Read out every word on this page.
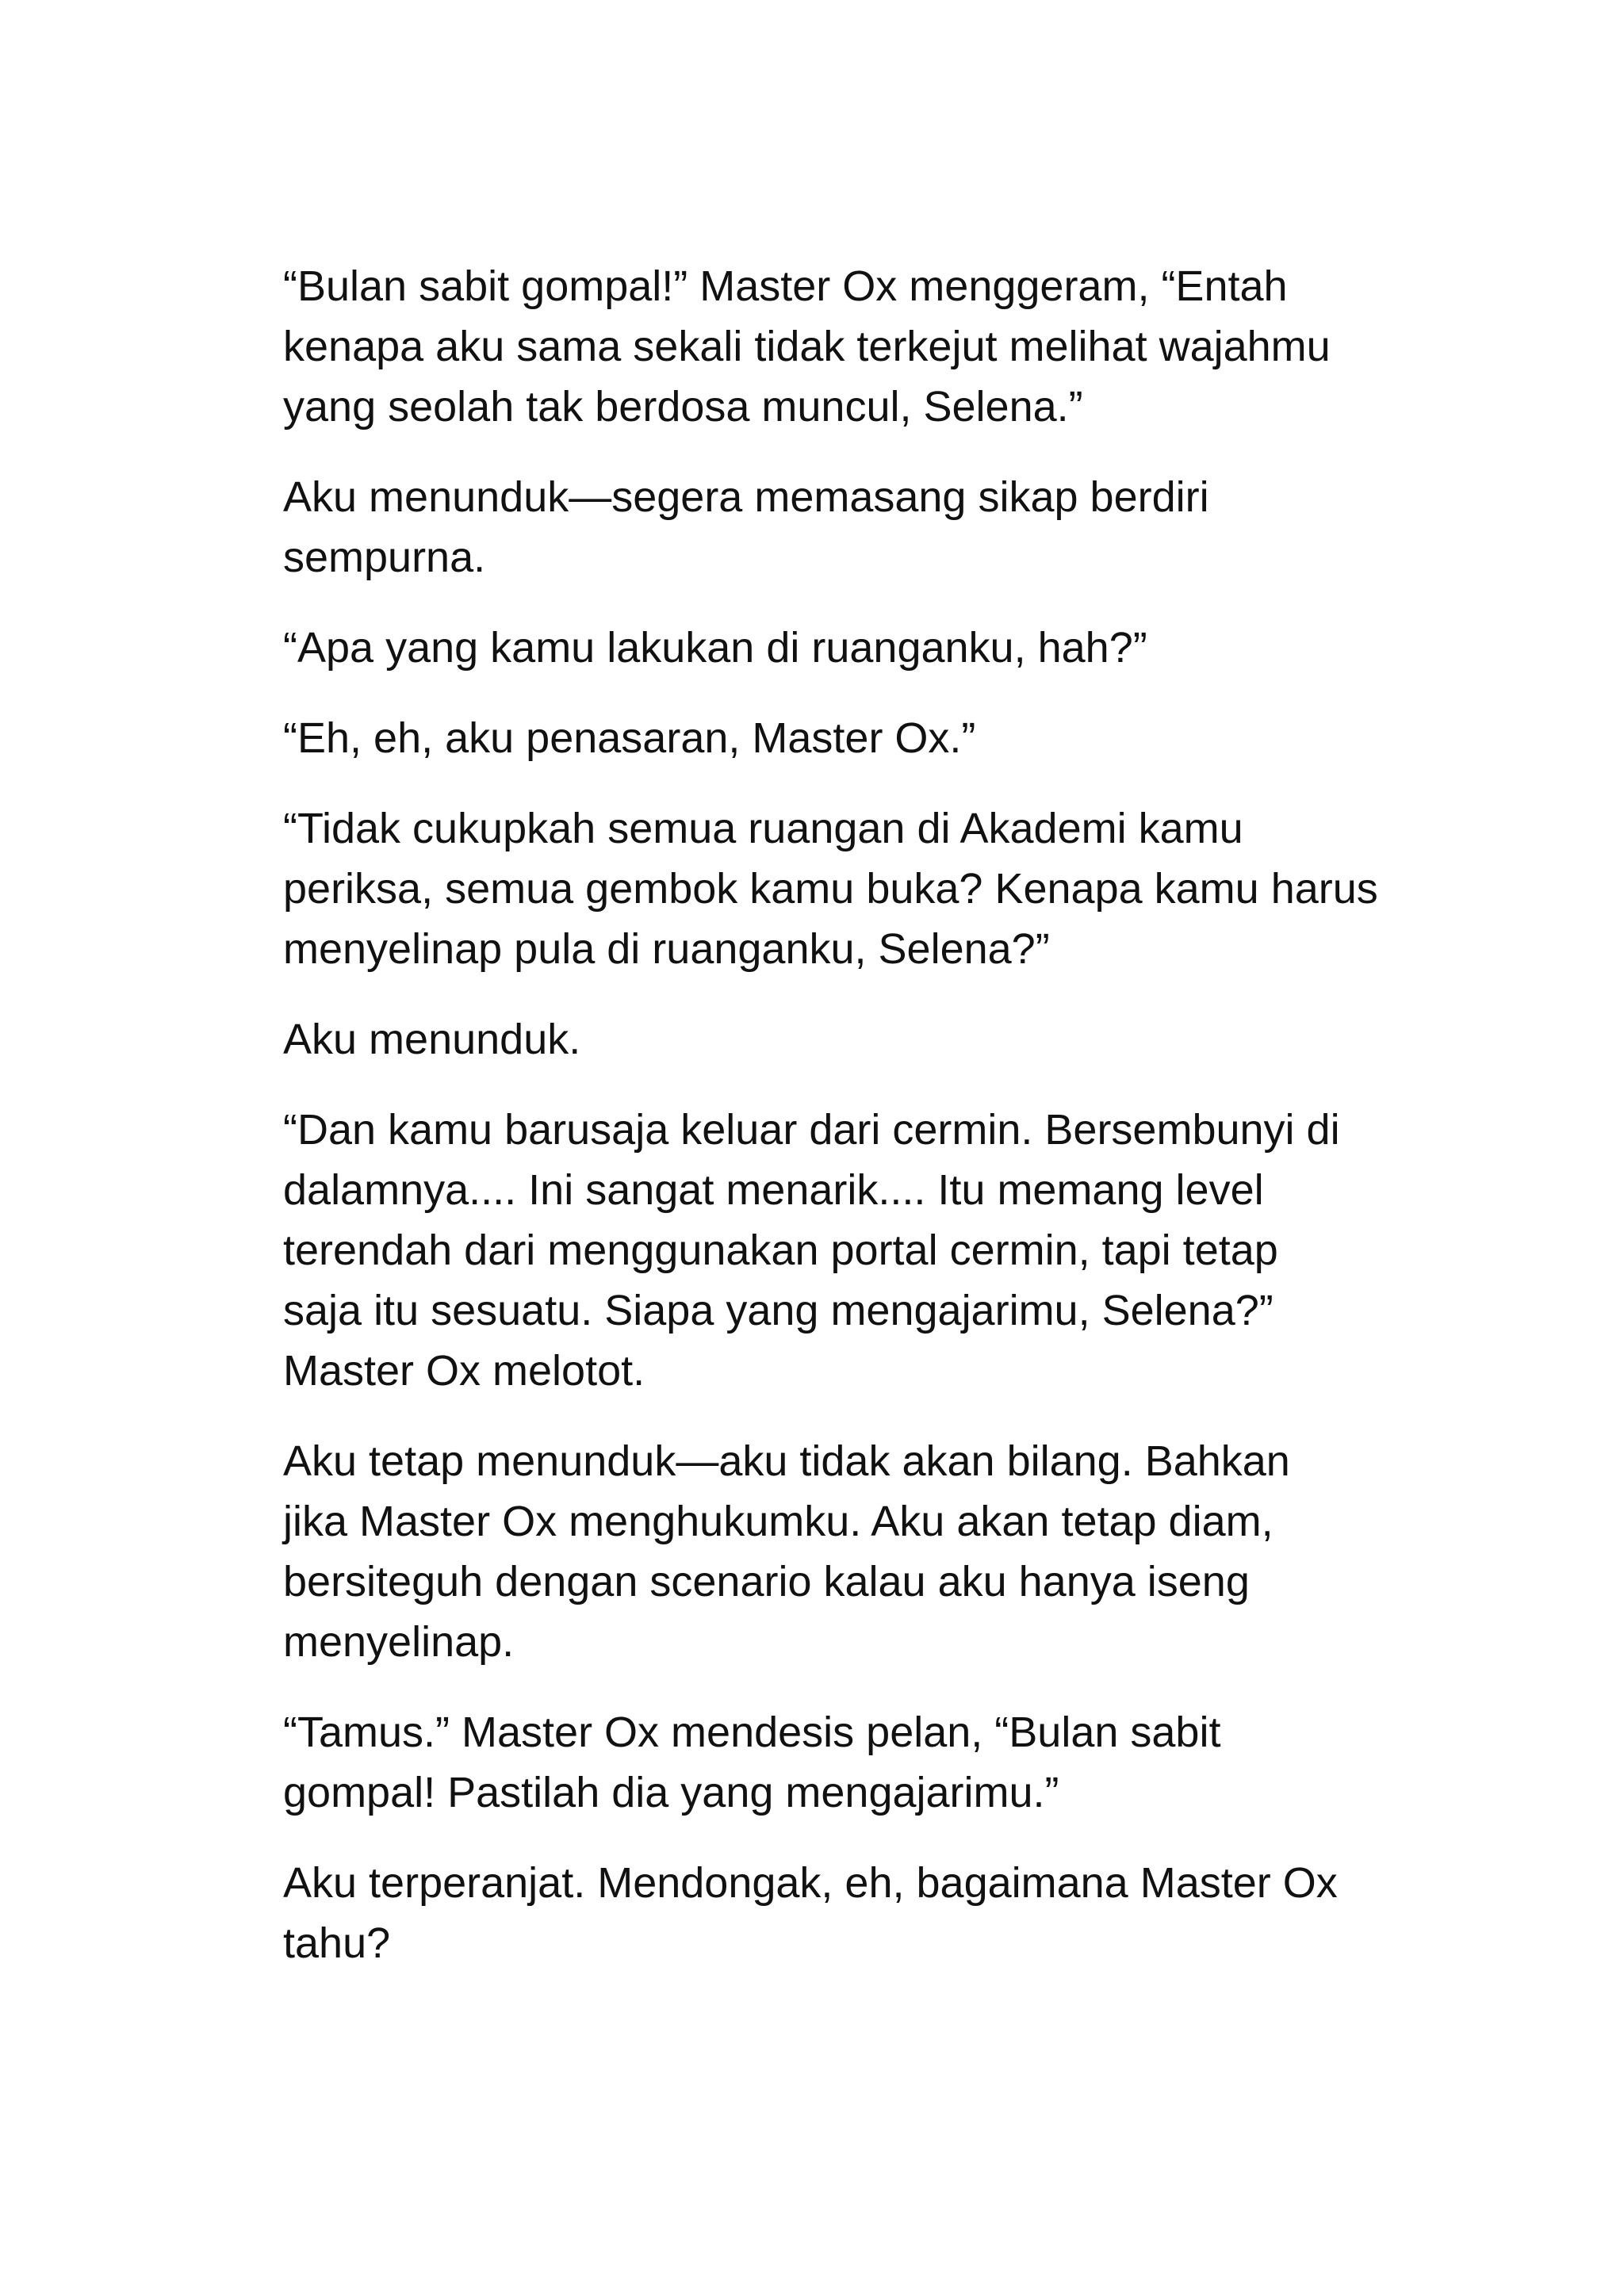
“Bulan sabit gompal!” Master Ox menggeram, “Entah
kenapa aku sama sekali tidak terkejut melihat wajahmu
yang seolah tak berdosa muncul, Selena.”

Aku menunduk—segera memasang sikap berdiri
sempurna.

“Apa yang kamu lakukan di ruanganku, hah?”

“Eh, eh, aku penasaran, Master Ox.”

“Tidak cukupkah semua ruangan di Akademi kamu
periksa, semua gembok kamu buka? Kenapa kamu harus
menyelinap pula di ruanganku, Selena?”

Aku menunduk.

“Dan kamu barusaja keluar dari cermin. Bersembunyi di
dalamnya.... Ini sangat menarik.... Itu memang level
terendah dari menggunakan portal cermin, tapi tetap
saja itu sesuatu. Siapa yang mengajarimu, Selena?”
Master Ox melotot.

Aku tetap menunduk—aku tidak akan bilang. Bahkan
jika Master Ox menghukumku. Aku akan tetap diam,
bersiteguh dengan scenario kalau aku hanya iseng
menyelinap.

“Tamus.” Master Ox mendesis pelan, “Bulan sabit
gompal! Pastilah dia yang mengajarimu.”

Aku terperanjat. Mendongak, eh, bagaimana Master Ox
tahu?
